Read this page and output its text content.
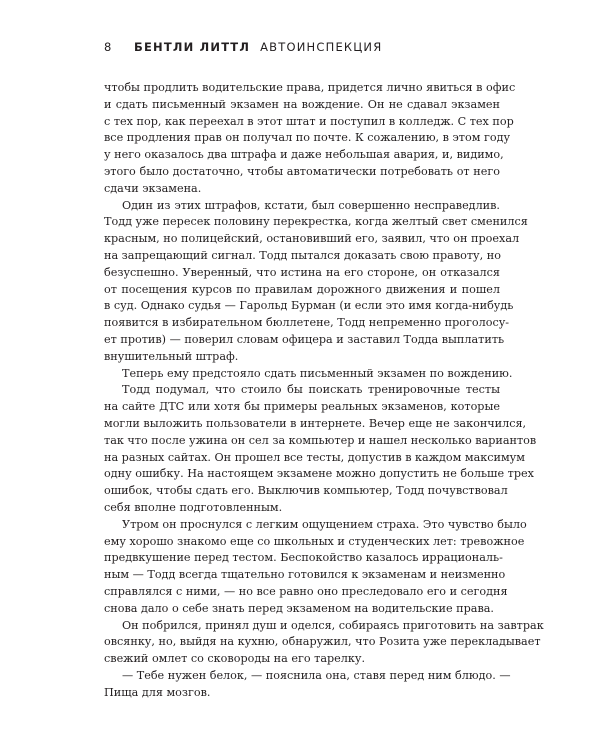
8 БЕНТЛИ ЛИТТЛ АВТОИНСПЕКЦИЯ
чтобы продлить водительские права, придется лично явиться в офис
и сдать письменный экзамен на вождение. Он не сдавал экзамен
с тех пор, как переехал в этот штат и поступил в колледж. С тех пор
все продления прав он получал по почте. К сожалению, в этом году
у него оказалось два штрафа и даже небольшая авария, и, видимо,
этого было достаточно, чтобы автоматически потребовать от него
сдачи экзамена.
Один из этих штрафов, кстати, был совершенно несправедлив.
Тодд уже пересек половину перекрестка, когда желтый свет сменился
красным, но полицейский, остановивший его, заявил, что он проехал
на запрещающий сигнал. Тодд пытался доказать свою правоту, но
безуспешно. Уверенный, что истина на его стороне, он отказался
от посещения курсов по правилам дорожного движения и пошел
в суд. Однако судья — Гарольд Бурман (и если это имя когда-нибудь
появится в избирательном бюллетене, Тодд непременно проголосу-
ет против) — поверил словам офицера и заставил Тодда выплатить
внушительный штраф.
Теперь ему предстояло сдать письменный экзамен по вождению.
Тодд подумал, что стоило бы поискать тренировочные тесты
на сайте ДТС или хотя бы примеры реальных экзаменов, которые
могли выложить пользователи в интернете. Вечер еще не закончился,
так что после ужина он сел за компьютер и нашел несколько вариантов
на разных сайтах. Он прошел все тесты, допустив в каждом максимум
одну ошибку. На настоящем экзамене можно допустить не больше трех
ошибок, чтобы сдать его. Выключив компьютер, Тодд почувствовал
себя вполне подготовленным.
Утром он проснулся с легким ощущением страха. Это чувство было
ему хорошо знакомо еще со школьных и студенческих лет: тревожное
предвкушение перед тестом. Беспокойство казалось иррациональ-
ным — Тодд всегда тщательно готовился к экзаменам и неизменно
справлялся с ними, — но все равно оно преследовало его и сегодня
снова дало о себе знать перед экзаменом на водительские права.
Он побрился, принял душ и оделся, собираясь приготовить на завтрак
овсянку, но, выйдя на кухню, обнаружил, что Розита уже перекладывает
свежий омлет со сковороды на его тарелку.
— Тебе нужен белок, — пояснила она, ставя перед ним блюдо. —
Пища для мозгов.
